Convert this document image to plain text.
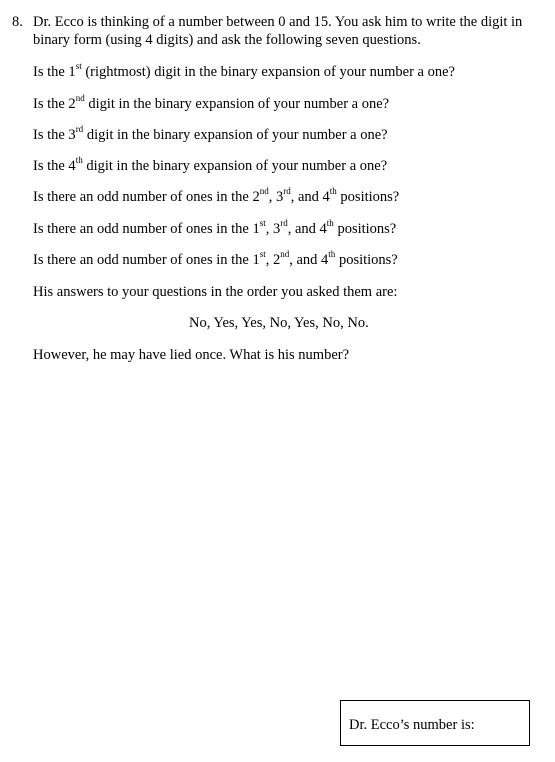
8. Dr. Ecco is thinking of a number between 0 and 15. You ask him to write the digit in binary form (using 4 digits) and ask the following seven questions.

Is the 1st (rightmost) digit in the binary expansion of your number a one?

Is the 2nd digit in the binary expansion of your number a one?

Is the 3rd digit in the binary expansion of your number a one?

Is the 4th digit in the binary expansion of your number a one?

Is there an odd number of ones in the 2nd, 3rd, and 4th positions?

Is there an odd number of ones in the 1st, 3rd, and 4th positions?

Is there an odd number of ones in the 1st, 2nd, and 4th positions?

His answers to your questions in the order you asked them are:

No, Yes, Yes, No, Yes, No, No.

However, he may have lied once. What is his number?

Dr. Ecco’s number is:
